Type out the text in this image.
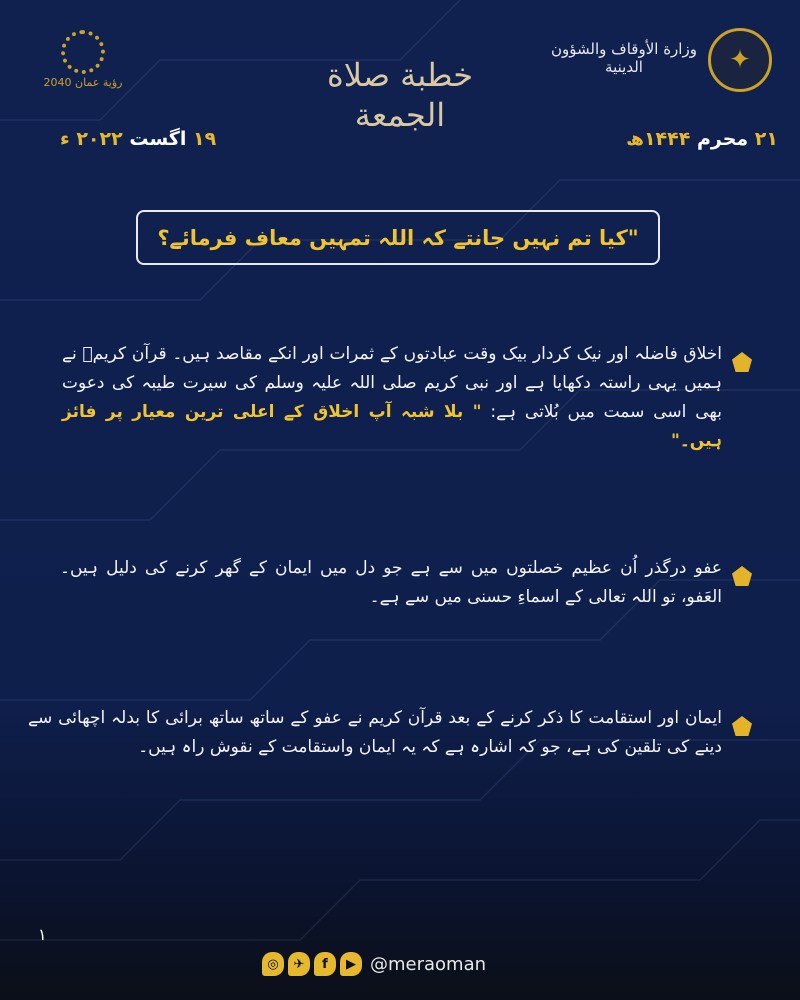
✦
وزارة الأوقاف والشؤون الدينية
رؤية عمان 2040	خطبة صلاة الجمعة
۲۱ محرم ۱۴۴۴ھ
۱۹ اگست ۲۰۲۲ ء
"کیا تم نہیں جانتے کہ اللہ تمہیں معاف فرمائے؟
اخلاق فاضلہ اور نیک کردار بیک وقت عبادتوں کے ثمرات اور انکے مقاصد ہیں۔ قرآن کریمؑ نے ہمیں یہی راستہ دکھایا ہے اور نبی کریم صلی اللہ علیہ وسلم کی سیرت طیبہ کی دعوت بھی اسی سمت میں بُلاتی ہے: " بلا شبہ آپ اخلاق کے اعلی ترین معیار پر فائز ہیں۔"
عفو درگذر اُن عظیم خصلتوں میں سے ہے جو دل میں ایمان کے گھر کرنے کی دلیل ہیں۔ العَفو، تو اللہ تعالی کے اسماءِ حسنی میں سے ہے۔
ایمان اور استقامت کا ذکر کرنے کے بعد قرآن کریم نے عفو کے ساتھ ساتھ برائی کا بدلہ اچھائی سے دینے کی تلقین کی ہے، جو کہ اشارہ ہے کہ یہ ایمان واستقامت کے نقوش راہ ہیں۔
۱
◎	✈	f	▶ @meraoman
